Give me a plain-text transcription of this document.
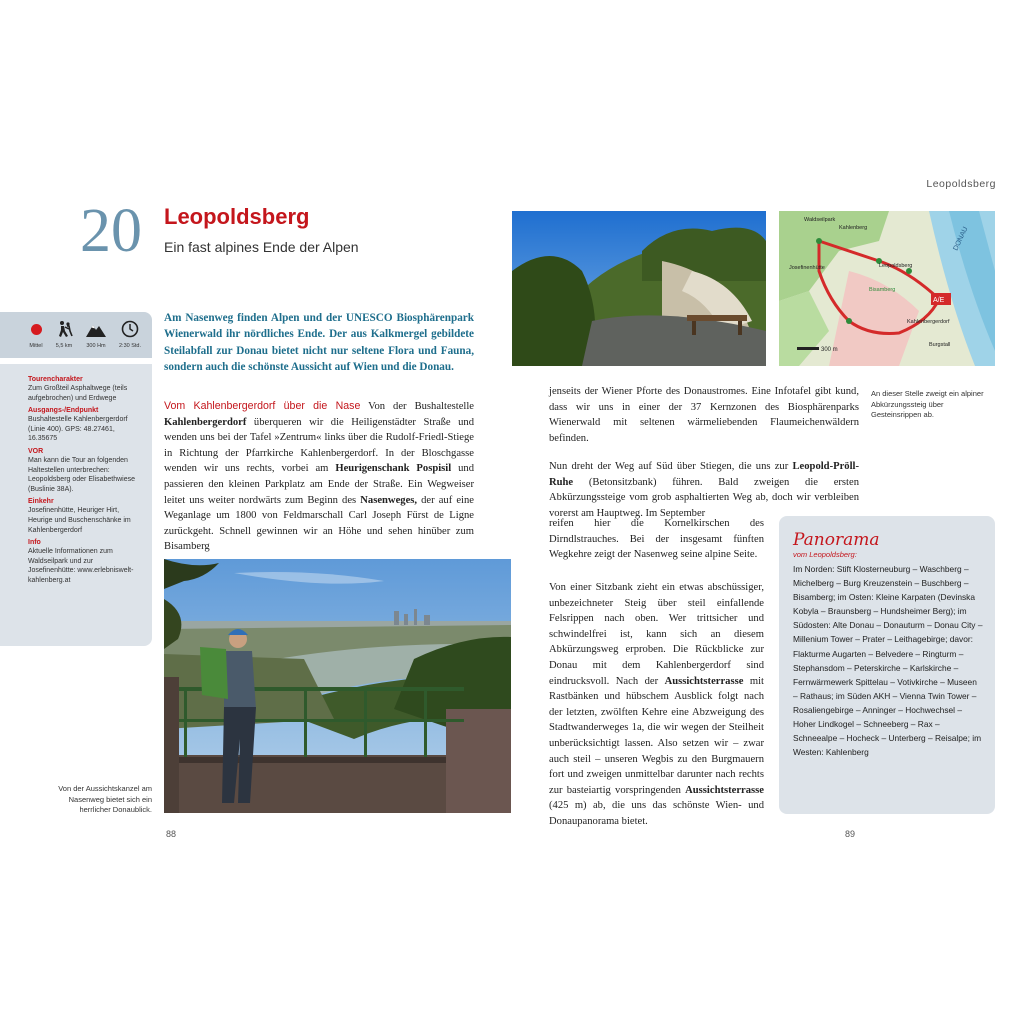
Leopoldsberg
20 Leopoldsberg
Ein fast alpines Ende der Alpen
Mittel	5,5 km	300 Hm	2:30 Std.
Tourencharakter
Zum Großteil Asphaltwege (teils aufgebrochen) und Erdwege
Ausgangs-/Endpunkt
Bushaltestelle Kahlenbergerdorf (Linie 400). GPS: 48.27461, 16.35675
VOR
Man kann die Tour an folgenden Haltestellen unterbrechen: Leopoldsberg oder Elisabethwiese (Buslinie 38A).
Einkehr
Josefinenhütte, Heuriger Hirt, Heurige und Buschenschänke im Kahlenbergerdorf
Info
Aktuelle Informationen zum Waldseilpark und zur Josefinenhütte: www.erlebniswelt-kahlenberg.at
Am Nasenweg finden Alpen und der UNESCO Biosphärenpark Wienerwald ihr nördliches Ende. Der aus Kalkmergel gebildete Steilabfall zur Donau bietet nicht nur seltene Flora und Fauna, sondern auch die schönste Aussicht auf Wien und die Donau.
Vom Kahlenbergerdorf über die Nase Von der Bushaltestelle Kahlenbergerdorf überqueren wir die Heiligenstädter Straße und wenden uns bei der Tafel »Zentrum« links über die Rudolf-Friedl-Stiege in Richtung der Pfarrkirche Kahlenbergerdorf. In der Bloschgasse wenden wir uns rechts, vorbei am Heurigenschank Pospisil und passieren den kleinen Parkplatz am Ende der Straße. Ein Wegweiser leitet uns weiter nordwärts zum Beginn des Nasenweges, der auf eine Weganlage um 1800 von Feldmarschall Carl Joseph Fürst de Ligne zurückgeht. Schnell gewinnen wir an Höhe und sehen hinüber zum Bisamberg
jenseits der Wiener Pforte des Donaustromes. Eine Infotafel gibt kund, dass wir uns in einer der 37 Kernzonen des Biosphärenparks Wienerwald mit seltenen wärmeliebenden Flaumeichenwäldern befinden.
Nun dreht der Weg auf Süd über Stiegen, die uns zur Leopold-Pröll-Ruhe (Betonsitzbank) führen. Bald zweigen die ersten Abkürzungssteige vom grob asphaltierten Weg ab, doch wir verbleiben vorerst am Hauptweg. Im September
reifen hier die Kornelkirschen des Dirndlstrauches. Bei der insgesamt fünften Wegkehre zeigt der Nasenweg seine alpine Seite.
Von einer Sitzbank zieht ein etwas abschüssiger, unbezeichneter Steig über steil einfallende Felsrippen nach oben. Wer trittsicher und schwindelfrei ist, kann sich an diesem Abkürzungsweg erproben. Die Rückblicke zur Donau mit dem Kahlenbergerdorf sind eindrucksvoll. Nach der Aussichtsterrasse mit Rastbänken und hübschem Ausblick folgt nach der letzten, zwölften Kehre eine Abzweigung des Stadtwanderweges 1a, die wir wegen der Steilheit unberücksichtigt lassen. Also setzen wir – zwar auch steil – unseren Wegbis zu den Burgmauern fort und zweigen unmittelbar darunter nach rechts zur basteiartig vorspringenden Aussichtsterrasse (425 m) ab, die uns das schönste Wien- und Donaupanorama bietet.
A/E
Waldseilpark
Kahlenberg
Leopoldsberg
DONAU
Josefinenhütte
Kahlenbergerdorf
Burgstall
Bisamberg
300 m
Von der Aussichtskanzel am Nasenweg bietet sich ein herrlicher Donaublick.
An dieser Stelle zweigt ein alpiner Abkürzungssteig über Gesteinsrippen ab.
Panorama
vom Leopoldsberg:
Im Norden: Stift Klosterneuburg – Waschberg – Michelberg – Burg Kreuzenstein – Buschberg – Bisamberg; im Osten: Kleine Karpaten (Devinska Kobyla – Braunsberg – Hundsheimer Berg); im Südosten: Alte Donau – Donauturm – Donau City – Millenium Tower – Prater – Leithagebirge; davor: Flakturme Augarten – Belvedere – Ringturm – Stephansdom – Peterskirche – Karlskirche – Fernwärmewerk Spittelau – Votivkirche – Museen – Rathaus; im Süden AKH – Vienna Twin Tower – Rosaliengebirge – Anninger – Hochwechsel – Hoher Lindkogel – Schneeberg – Rax – Schneealpe – Hocheck – Unterberg – Reisalpe; im Westen: Kahlenberg
88	89
